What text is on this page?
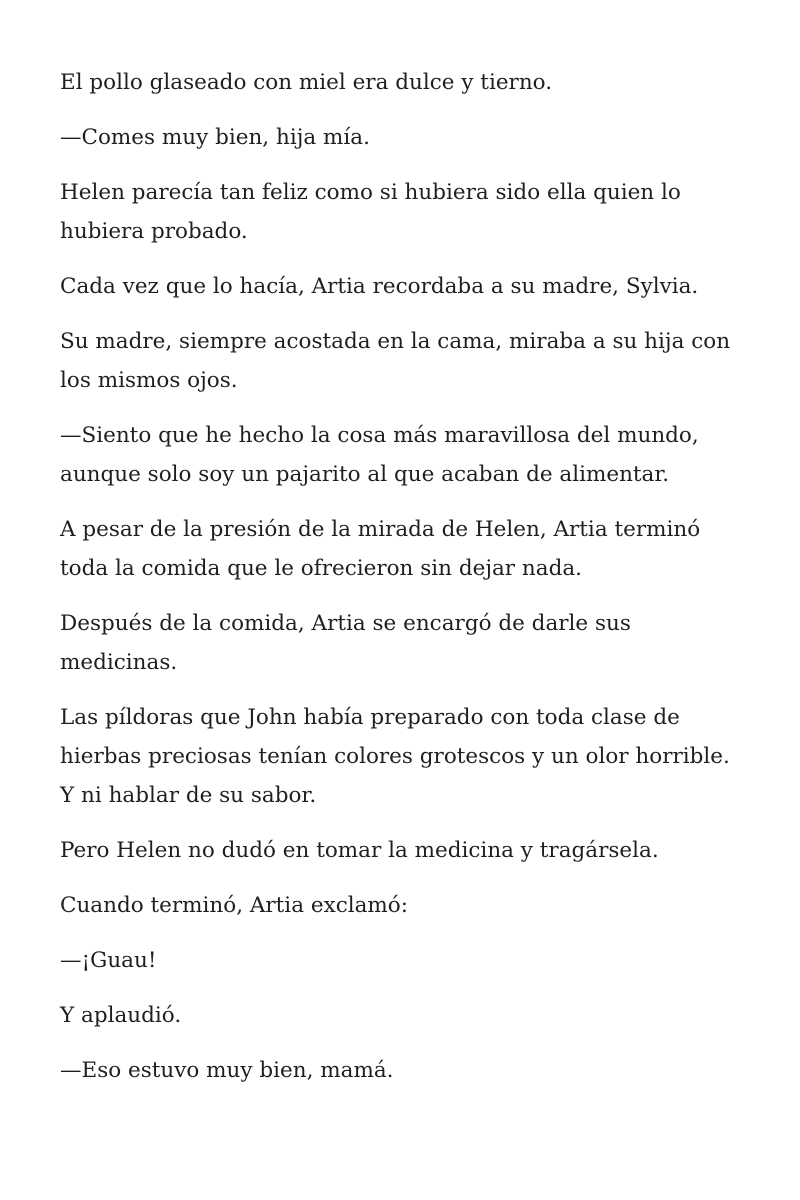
El pollo glaseado con miel era dulce y tierno.

—Comes muy bien, hija mía.

Helen parecía tan feliz como si hubiera sido ella quien lo hubiera probado.

Cada vez que lo hacía, Artia recordaba a su madre, Sylvia.

Su madre, siempre acostada en la cama, miraba a su hija con los mismos ojos.

—Siento que he hecho la cosa más maravillosa del mundo, aunque solo soy un pajarito al que acaban de alimentar.

A pesar de la presión de la mirada de Helen, Artia terminó toda la comida que le ofrecieron sin dejar nada.

Después de la comida, Artia se encargó de darle sus medicinas.

Las píldoras que John había preparado con toda clase de hierbas preciosas tenían colores grotescos y un olor horrible. Y ni hablar de su sabor.

Pero Helen no dudó en tomar la medicina y tragársela.

Cuando terminó, Artia exclamó:

—¡Guau!

Y aplaudió.

—Eso estuvo muy bien, mamá.
